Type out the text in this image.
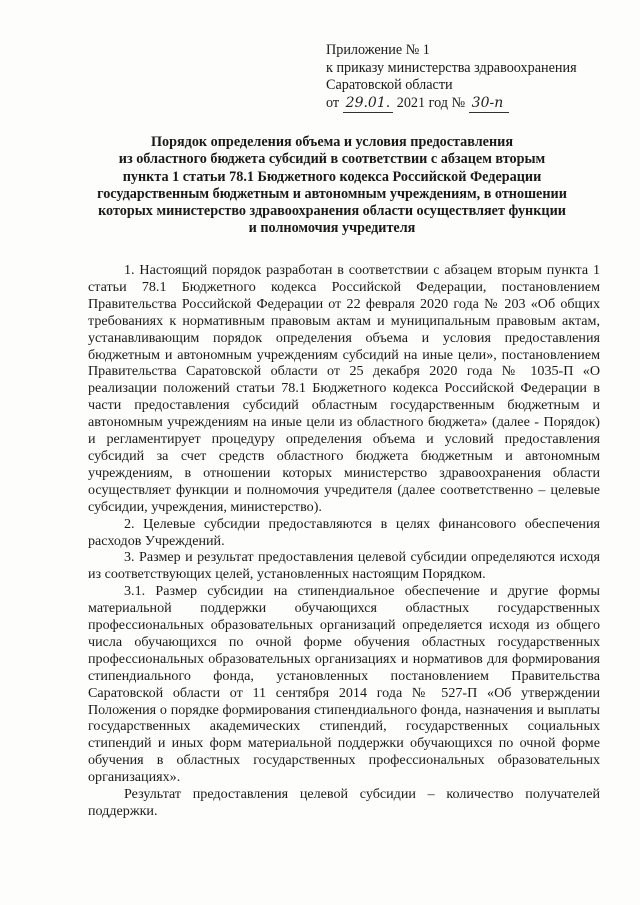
Приложение № 1
к приказу министерства здравоохранения
Саратовской области
от 29.01. 2021 год № 30-п
Порядок определения объема и условия предоставления
из областного бюджета субсидий в соответствии с абзацем вторым
пункта 1 статьи 78.1 Бюджетного кодекса Российской Федерации
государственным бюджетным и автономным учреждениям, в отношении
которых министерство здравоохранения области осуществляет функции
и полномочия учредителя

1. Настоящий порядок разработан в соответствии с абзацем вторым пункта 1 статьи 78.1 Бюджетного кодекса Российской Федерации, постановлением Правительства Российской Федерации от 22 февраля 2020 года № 203 «Об общих требованиях к нормативным правовым актам и муниципальным правовым актам, устанавливающим порядок определения объема и условия предоставления бюджетным и автономным учреждениям субсидий на иные цели», постановлением Правительства Саратовской области от 25 декабря 2020 года № 1035-П «О реализации положений статьи 78.1 Бюджетного кодекса Российской Федерации в части предоставления субсидий областным государственным бюджетным и автономным учреждениям на иные цели из областного бюджета» (далее - Порядок) и регламентирует процедуру определения объема и условий предоставления субсидий за счет средств областного бюджета бюджетным и автономным учреждениям, в отношении которых министерство здравоохранения области осуществляет функции и полномочия учредителя (далее соответственно – целевые субсидии, учреждения, министерство).

2. Целевые субсидии предоставляются в целях финансового обеспечения расходов Учреждений.

3. Размер и результат предоставления целевой субсидии определяются исходя из соответствующих целей, установленных настоящим Порядком.

3.1. Размер субсидии на стипендиальное обеспечение и другие формы материальной поддержки обучающихся областных государственных профессиональных образовательных организаций определяется исходя из общего числа обучающихся по очной форме обучения областных государственных профессиональных образовательных организациях и нормативов для формирования стипендиального фонда, установленных постановлением Правительства Саратовской области от 11 сентября 2014 года № 527-П «Об утверждении Положения о порядке формирования стипендиального фонда, назначения и выплаты государственных академических стипендий, государственных социальных стипендий и иных форм материальной поддержки обучающихся по очной форме обучения в областных государственных профессиональных образовательных организациях».

Результат предоставления целевой субсидии – количество получателей поддержки.
